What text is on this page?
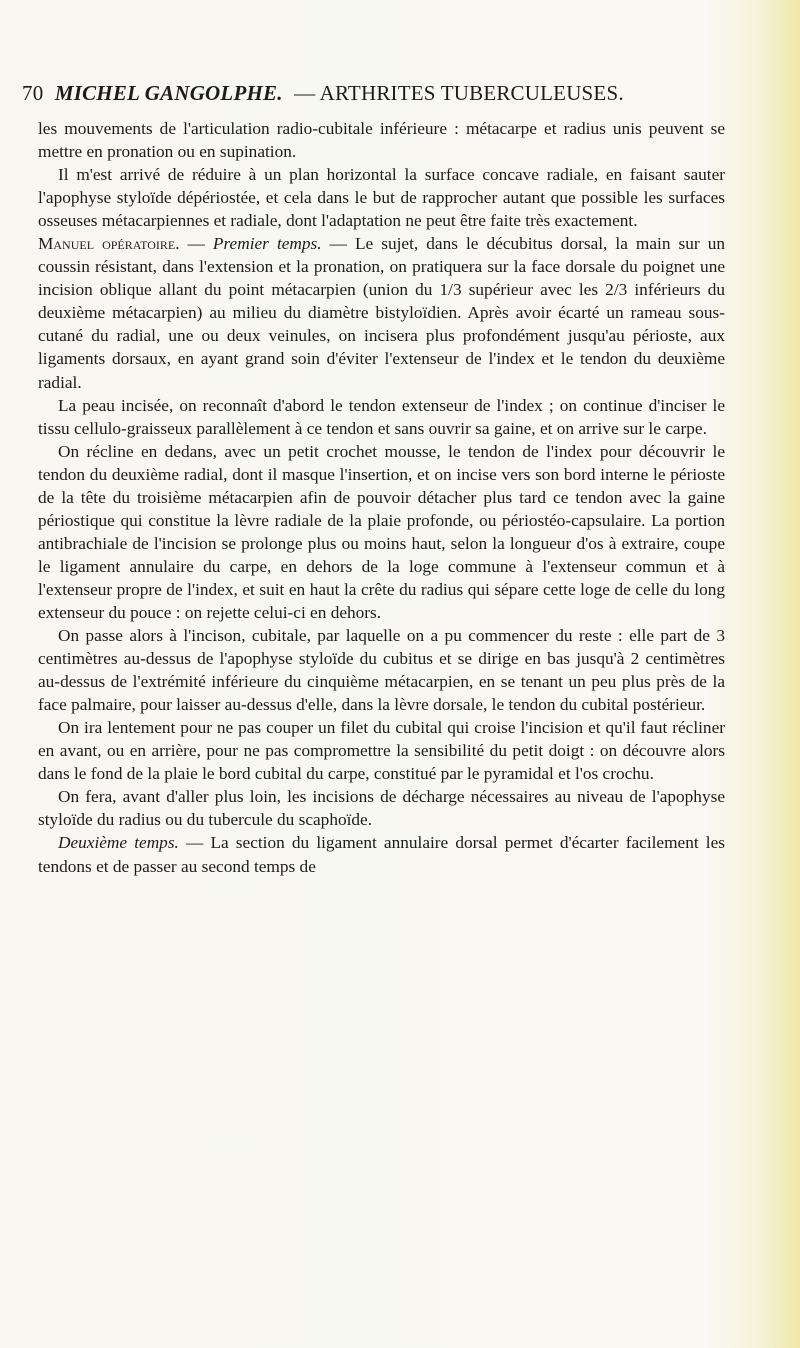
70 MICHEL GANGOLPHE. — ARTHRITES TUBERCULEUSES.

les mouvements de l'articulation radio-cubitale inférieure : métacarpe et radius unis peuvent se mettre en pronation ou en supination.

Il m'est arrivé de réduire à un plan horizontal la surface concave radiale, en faisant sauter l'apophyse styloïde dépériostée, et cela dans le but de rapprocher autant que possible les surfaces osseuses métacarpiennes et radiale, dont l'adaptation ne peut être faite très exactement.

Manuel opératoire. — Premier temps. — Le sujet, dans le décubitus dorsal, la main sur un coussin résistant, dans l'extension et la pronation, on pratiquera sur la face dorsale du poignet une incision oblique allant du point métacarpien (union du 1/3 supérieur avec les 2/3 inférieurs du deuxième métacarpien) au milieu du diamètre bistyloïdien. Après avoir écarté un rameau sous-cutané du radial, une ou deux veinules, on incisera plus profondément jusqu'au périoste, aux ligaments dorsaux, en ayant grand soin d'éviter l'extenseur de l'index et le tendon du deuxième radial.

La peau incisée, on reconnaît d'abord le tendon extenseur de l'index ; on continue d'inciser le tissu cellulo-graisseux parallèlement à ce tendon et sans ouvrir sa gaine, et on arrive sur le carpe.

On récline en dedans, avec un petit crochet mousse, le tendon de l'index pour découvrir le tendon du deuxième radial, dont il masque l'insertion, et on incise vers son bord interne le périoste de la tête du troisième métacarpien afin de pouvoir détacher plus tard ce tendon avec la gaine périostique qui constitue la lèvre radiale de la plaie profonde, ou périostéo-capsulaire. La portion antibrachiale de l'incision se prolonge plus ou moins haut, selon la longueur d'os à extraire, coupe le ligament annulaire du carpe, en dehors de la loge commune à l'extenseur commun et à l'extenseur propre de l'index, et suit en haut la crête du radius qui sépare cette loge de celle du long extenseur du pouce : on rejette celui-ci en dehors.

On passe alors à l'incison, cubitale, par laquelle on a pu commencer du reste : elle part de 3 centimètres au-dessus de l'apophyse styloïde du cubitus et se dirige en bas jusqu'à 2 centimètres au-dessus de l'extrémité inférieure du cinquième métacarpien, en se tenant un peu plus près de la face palmaire, pour laisser au-dessus d'elle, dans la lèvre dorsale, le tendon du cubital postérieur.

On ira lentement pour ne pas couper un filet du cubital qui croise l'incision et qu'il faut récliner en avant, ou en arrière, pour ne pas compromettre la sensibilité du petit doigt : on découvre alors dans le fond de la plaie le bord cubital du carpe, constitué par le pyramidal et l'os crochu.

On fera, avant d'aller plus loin, les incisions de décharge nécessaires au niveau de l'apophyse styloïde du radius ou du tubercule du scaphoïde.

Deuxième temps. — La section du ligament annulaire dorsal permet d'écarter facilement les tendons et de passer au second temps de
